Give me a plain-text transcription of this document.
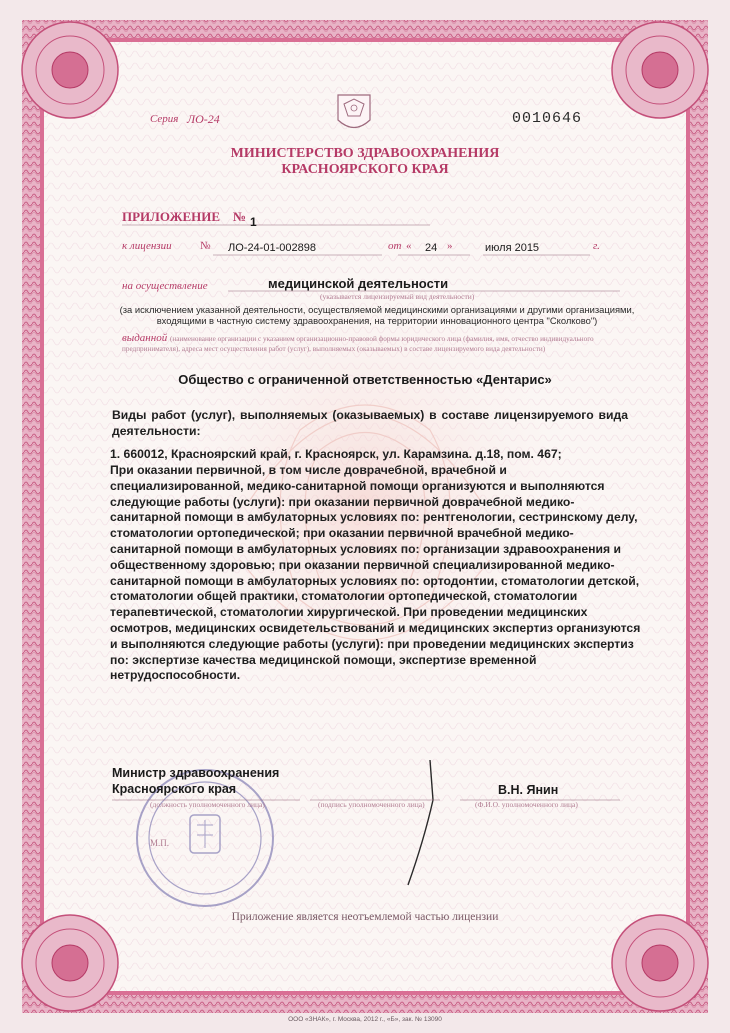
Серия ЛО-24	0010646
МИНИСТЕРСТВО ЗДРАВООХРАНЕНИЯ
КРАСНОЯРСКОГО КРАЯ
ПРИЛОЖЕНИЕ № 1
к лицензии	№ ЛО-24-01-002898	от « 24 »	июля 2015	г.
на осуществление	медицинской деятельности
(указывается лицензируемый вид деятельности)
(за исключением указанной деятельности, осуществляемой медицинскими организациями и другими организациями, входящими в частную систему здравоохранения, на территории инновационного центра "Сколково")
выданной (наименование организации с указанием организационно-правовой формы юридического лица (фамилия, имя, отчество индивидуального предпринимателя), адреса мест осуществления работ (услуг), выполняемых (оказываемых) в составе лицензируемого вида деятельности)
Общество с ограниченной ответственностью «Дентарис»
Виды работ (услуг), выполняемых (оказываемых) в составе лицензируемого вида деятельности:
1. 660012, Красноярский край, г. Красноярск, ул. Карамзина. д.18, пом. 467;
При оказании первичной, в том числе доврачебной, врачебной и
специализированной, медико-санитарной помощи организуются и выполняются
следующие работы (услуги): при оказании первичной доврачебной медико-
санитарной помощи в амбулаторных условиях по: рентгенологии, сестринскому делу,
стоматологии ортопедической; при оказании первичной врачебной медико-
санитарной помощи в амбулаторных условиях по: организации здравоохранения и
общественному здоровью; при оказании первичной специализированной медико-
санитарной помощи в амбулаторных условиях по: ортодонтии, стоматологии детской,
стоматологии общей практики, стоматологии ортопедической, стоматологии
терапевтической, стоматологии хирургической. При проведении медицинских
осмотров, медицинских освидетельствований и медицинских экспертиз организуются
и выполняются следующие работы (услуги): при проведении медицинских экспертиз
по: экспертизе качества медицинской помощи, экспертизе временной
нетрудоспособности.
Министр здравоохранения
Красноярского края
(должность уполномоченного лица)	(подпись уполномоченного лица)
В.Н. Янин
(Ф.И.О. уполномоченного лица)
М.П.
Приложение является неотъемлемой частью лицензии
ООО «ЗНАК», г. Москва, 2012 г., «Б», зак. № 13090
